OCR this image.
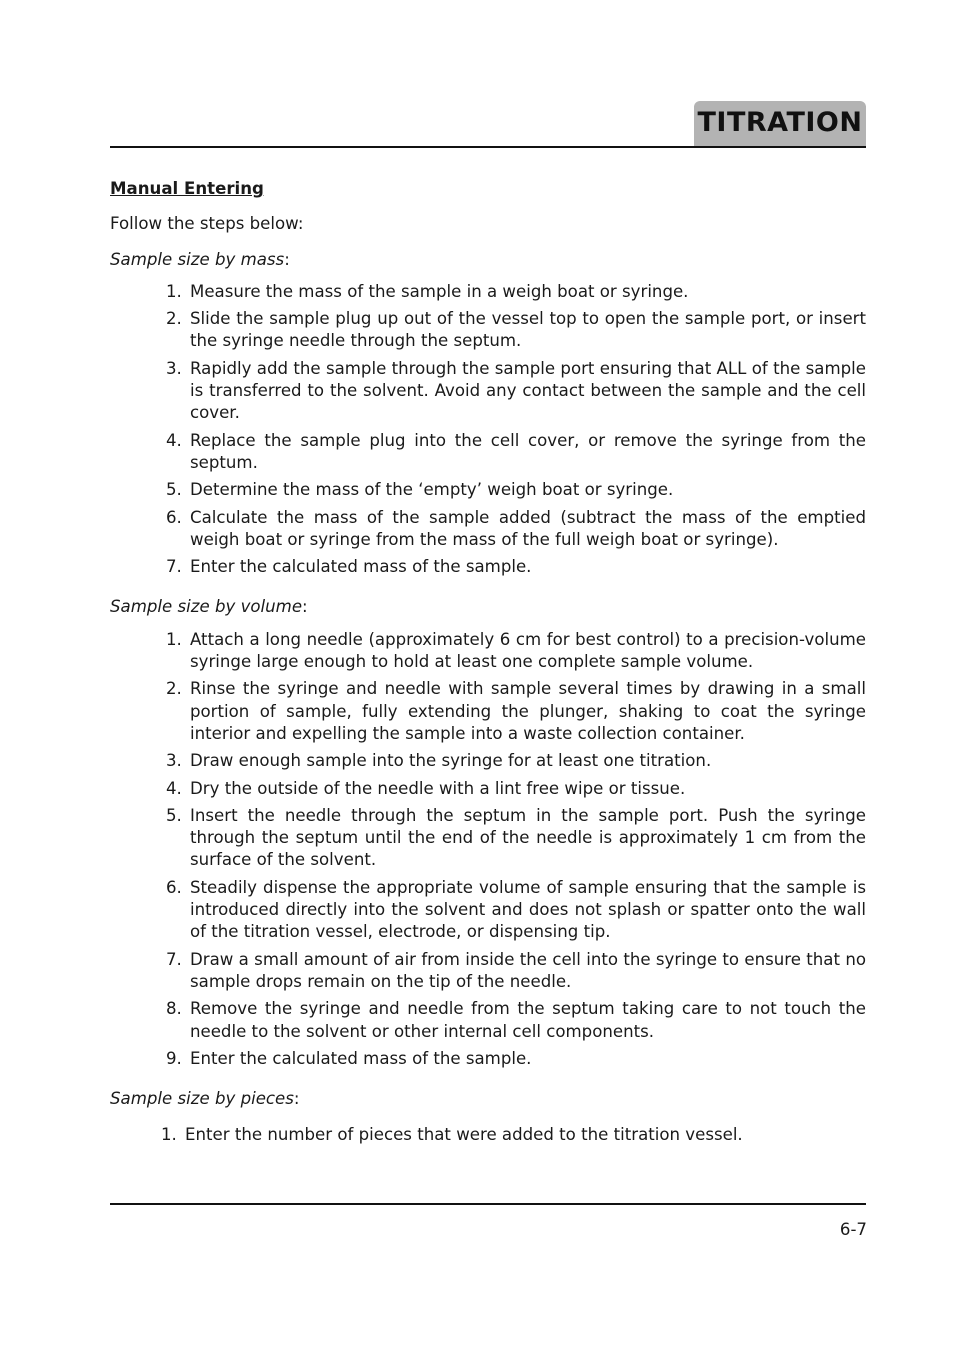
TITRATION
Manual Entering
Follow the steps below:
Sample size by mass:
1. Measure the mass of the sample in a weigh boat or syringe.
2. Slide the sample plug up out of the vessel top to open the sample port, or insert the syringe needle through the septum.
3. Rapidly add the sample through the sample port ensuring that ALL of the sample is transferred to the solvent. Avoid any contact between the sample and the cell cover.
4. Replace the sample plug into the cell cover, or remove the syringe from the septum.
5. Determine the mass of the ‘empty’ weigh boat or syringe.
6. Calculate the mass of the sample added (subtract the mass of the emptied weigh boat or syringe from the mass of the full weigh boat or syringe).
7. Enter the calculated mass of the sample.
Sample size by volume:
1. Attach a long needle (approximately 6 cm for best control) to a precision-volume syringe large enough to hold at least one complete sample volume.
2. Rinse the syringe and needle with sample several times by drawing in a small portion of sample, fully extending the plunger, shaking to coat the syringe interior and expelling the sample into a waste collection container.
3. Draw enough sample into the syringe for at least one titration.
4. Dry the outside of the needle with a lint free wipe or tissue.
5. Insert the needle through the septum in the sample port. Push the syringe through the septum until the end of the needle is approximately 1 cm from the surface of the solvent.
6. Steadily dispense the appropriate volume of sample ensuring that the sample is introduced directly into the solvent and does not splash or spatter onto the wall of the titration vessel, electrode, or dispensing tip.
7. Draw a small amount of air from inside the cell into the syringe to ensure that no sample drops remain on the tip of the needle.
8. Remove the syringe and needle from the septum taking care to not touch the needle to the solvent or other internal cell components.
9. Enter the calculated mass of the sample.
Sample size by pieces:
1. Enter the number of pieces that were added to the titration vessel.
6-7
